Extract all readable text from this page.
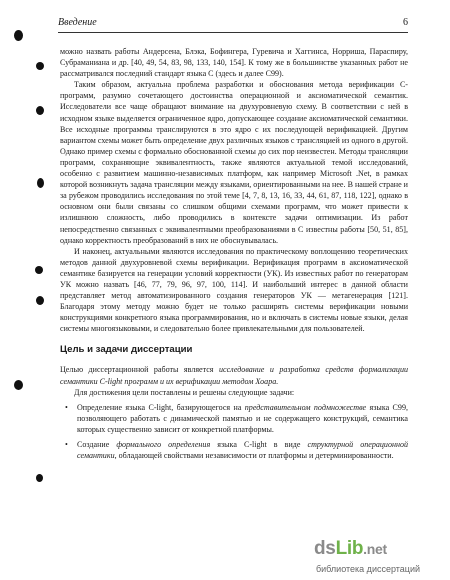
Введение	6

можно назвать работы Андерсена, Блэка, Бофингера, Гуревича и Хаггинса, Норриша, Параспиру, Субраманиана и др. [40, 49, 54, 83, 98, 133, 140, 154]. К тому же в большинстве указанных работ не рассматривался последний стандарт языка C (здесь и далее C99).

Таким образом, актуальна проблема разработки и обоснования метода верификации C-программ, разумно сочетающего достоинства операционной и аксиоматической семантик. Исследователи все чаще обращают внимание на двухуровневую схему. В соответствии с ней в исходном языке выделяется ограниченное ядро, допускающее создание аксиоматической семантики. Все исходные программы транслируются в это ядро с их последующей верификацией. Другим вариантом схемы может быть определение двух различных языков с трансляцией из одного в другой. Однако пример схемы с формально обоснованной схемы до сих пор неизвестен. Методы трансляции программ, сохраняющие эквивалентность, также являются актуальной темой исследований, особенно с развитием машинно-независимых платформ, как например Microsoft .Net, в рамках которой возникнуть задача трансляции между языками, ориентированными на нее. В нашей стране и за рубежом проводились исследования по этой теме [4, 7, 8, 13, 16, 33, 44, 61, 87, 118, 122], однако в основном они были связаны со слишком общими схемами программ, что может привести к излишнюю сложность, либо проводились в контексте задачи оптимизации. Из работ непосредственно связанных с эквивалентными преобразованиями в C известны работы [50, 51, 85], однако корректность преобразований в них не обоснувывалась.

И наконец, актуальными являются исследования по практическому воплощению теоретических методов данной двухуровневой схемы верификации. Верификация программ в аксиоматической семантике базируется на генерации условий корректности (УК). Из известных работ по генераторам УК можно назвать [46, 77, 79, 96, 97, 100, 114]. И наибольший интерес в данной области представляет метод автоматизированного создания генераторов УК — метагенерация [121]. Благодаря этому методу можно будет не только расширять системы верификации новыми конструкциями конкретного языка программирования, но и включать в системы новые языки, делая системы многоязыковыми, и следовательно более привлекательными для пользователей.

Цель и задачи диссертации

Целью диссертационной работы является исследование и разработка средств формализации семантики C-light программ и их верификации методом Хоара.

Для достижения цели поставлены и решены следующие задачи:

• Определение языка C-light, базирующегося на представительном подмножестве языка C99, позволяющего работать с динамической памятью и не содержащего конструкций, семантика которых существенно зависит от конкретной платформы.
• Создание формального определения языка C-light в виде структурной операционной семантики, обладающей свойствами независимости от платформы и детерминированности.
dsLib.net
библиотека диссертаций
